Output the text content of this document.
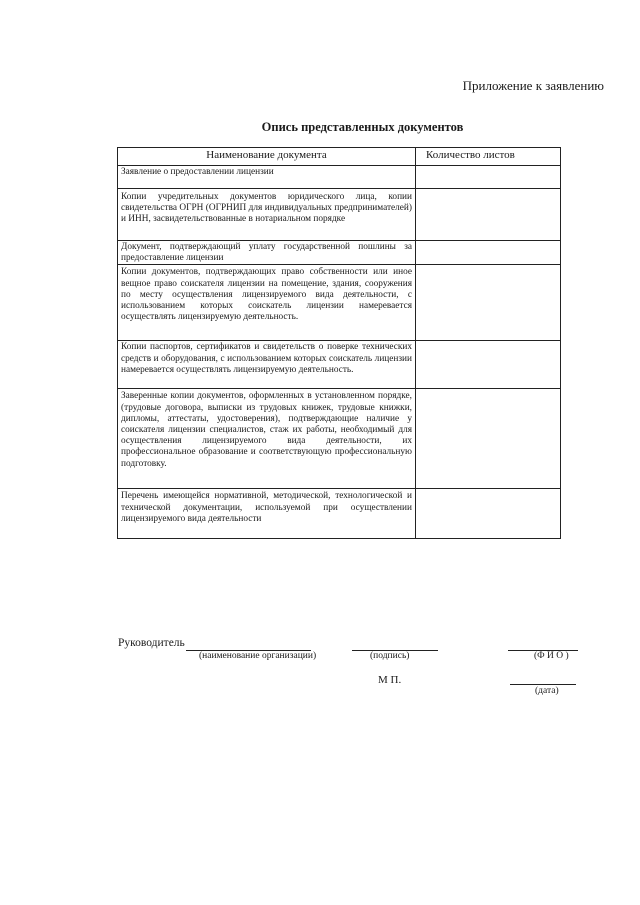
Приложение к заявлению
Опись представленных документов
Наименование документа	Количество листов
Заявление о предоставлении лицензии	
Копии учредительных документов юридического лица, копии свидетельства ОГРН (ОГРНИП для индивидуальных предпринимателей) и ИНН, засвидетельствованные в нотариальном порядке	
Документ, подтверждающий уплату государственной пошлины за предоставление лицензии	
Копии документов, подтверждающих право собственности или иное вещное право соискателя лицензии на помещение, здания, сооружения по месту осуществления лицензируемого вида деятельности, с использованием которых соискатель лицензии намеревается осуществлять лицензируемую деятельность.	
Копии паспортов, сертификатов и свидетельств о поверке технических средств и оборудования, с использованием которых соискатель лицензии намеревается осуществлять лицензируемую деятельность.	
Заверенные копии документов, оформленных в установленном порядке, (трудовые договора, выписки из трудовых книжек, трудовые книжки, дипломы, аттестаты, удостоверения), подтверждающие наличие у соискателя лицензии специалистов, стаж их работы, необходимый для осуществления лицензируемого вида деятельности, их профессиональное образование и соответствующую профессиональную подготовку.	
Перечень имеющейся нормативной, методической, технологической и технической документации, используемой при осуществлении лицензируемого вида деятельности	
Руководитель
(наименование организации)	(подпись)	(Ф И О )
М П.
(дата)
